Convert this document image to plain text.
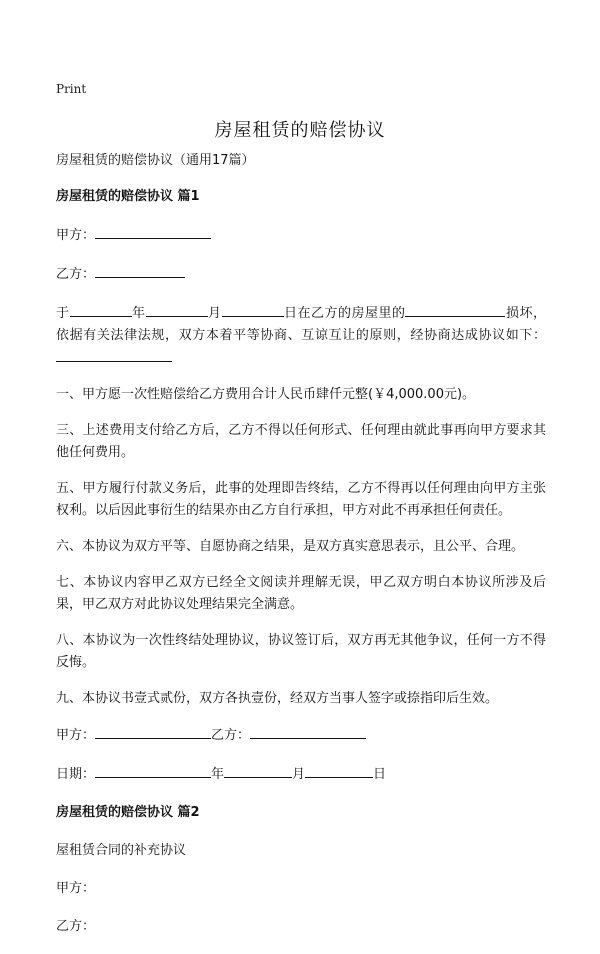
Print
房屋租赁的赔偿协议

房屋租赁的赔偿协议（通用17篇）

房屋租赁的赔偿协议 篇1

甲方：
乙方：

于	年	月	日在乙方的房屋里的	损坏，依据有关法律法规，双方本着平等协商、互谅互让的原则，经协商达成协议如下：

一、甲方愿一次性赔偿给乙方费用合计人民币肆仟元整(￥4,000.00元)。

三、上述费用支付给乙方后，乙方不得以任何形式、任何理由就此事再向甲方要求其他任何费用。

五、甲方履行付款义务后，此事的处理即告终结，乙方不得再以任何理由向甲方主张权利。以后因此事衍生的结果亦由乙方自行承担，甲方对此不再承担任何责任。

六、本协议为双方平等、自愿协商之结果，是双方真实意思表示，且公平、合理。

七、本协议内容甲乙双方已经全文阅读并理解无误，甲乙双方明白本协议所涉及后果，甲乙双方对此协议处理结果完全满意。

八、本协议为一次性终结处理协议，协议签订后，双方再无其他争议，任何一方不得反悔。

九、本协议书壹式贰份，双方各执壹份，经双方当事人签字或捺指印后生效。

甲方：	乙方：
日期：	年	月	日

房屋租赁的赔偿协议 篇2

屋租赁合同的补充协议
甲方：
乙方：
